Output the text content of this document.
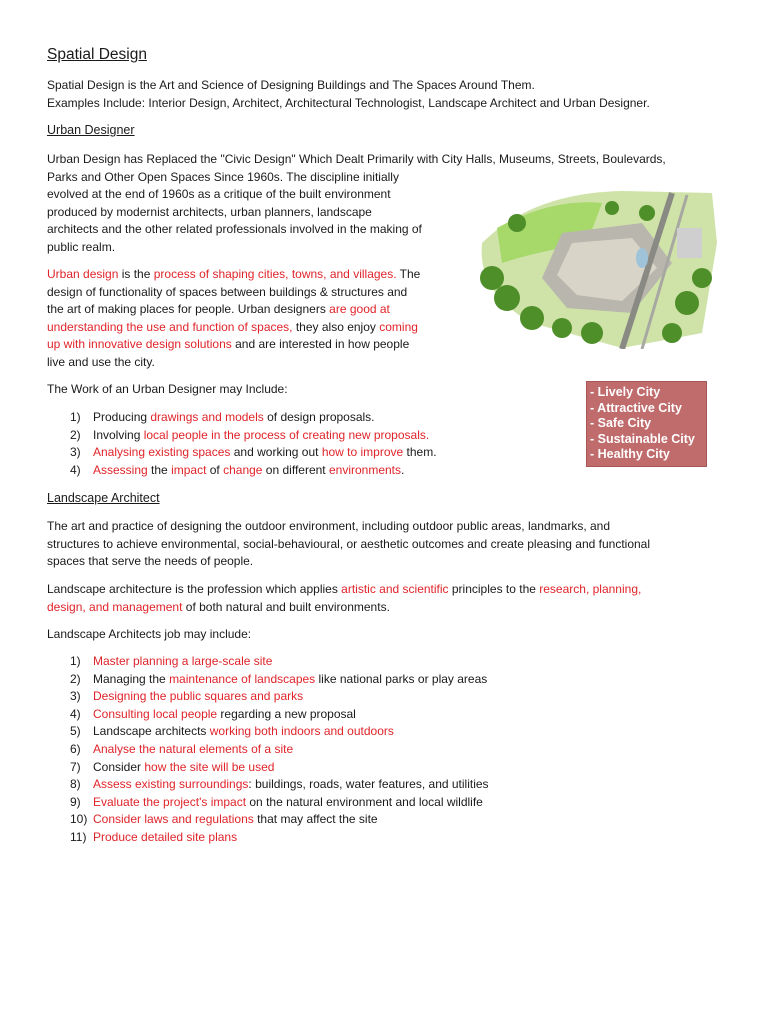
Spatial Design
Spatial Design is the Art and Science of Designing Buildings and The Spaces Around Them.
Examples Include: Interior Design, Architect, Architectural Technologist, Landscape Architect and Urban Designer.
Urban Designer
Urban Design has Replaced the "Civic Design" Which Dealt Primarily with City Halls, Museums, Streets, Boulevards,
Parks and Other Open Spaces Since 1960s. The discipline initially
evolved at the end of 1960s as a critique of the built environment
produced by modernist architects, urban planners, landscape
architects and the other related professionals involved in the making of
public realm.
Urban design is the process of shaping cities, towns, and villages. The
design of functionality of spaces between buildings & structures and
the art of making places for people. Urban designers are good at
understanding the use and function of spaces, they also enjoy coming
up with innovative design solutions and are interested in how people
live and use the city.
The Work of an Urban Designer may Include:
1) Producing drawings and models of design proposals.
2) Involving local people in the process of creating new proposals.
3) Analysing existing spaces and working out how to improve them.
4) Assessing the impact of change on different environments.
Landscape Architect
The art and practice of designing the outdoor environment, including outdoor public areas, landmarks, and
structures to achieve environmental, social-behavioural, or aesthetic outcomes and create pleasing and functional
spaces that serve the needs of people.
Landscape architecture is the profession which applies artistic and scientific principles to the research, planning,
design, and management of both natural and built environments.
Landscape Architects job may include:
1) Master planning a large-scale site
2) Managing the maintenance of landscapes like national parks or play areas
3) Designing the public squares and parks
4) Consulting local people regarding a new proposal
5) Landscape architects working both indoors and outdoors
6) Analyse the natural elements of a site
7) Consider how the site will be used
8) Assess existing surroundings: buildings, roads, water features, and utilities
9) Evaluate the project's impact on the natural environment and local wildlife
10) Consider laws and regulations that may affect the site
11) Produce detailed site plans
- Lively City
- Attractive City
- Safe City
- Sustainable City
- Healthy City
